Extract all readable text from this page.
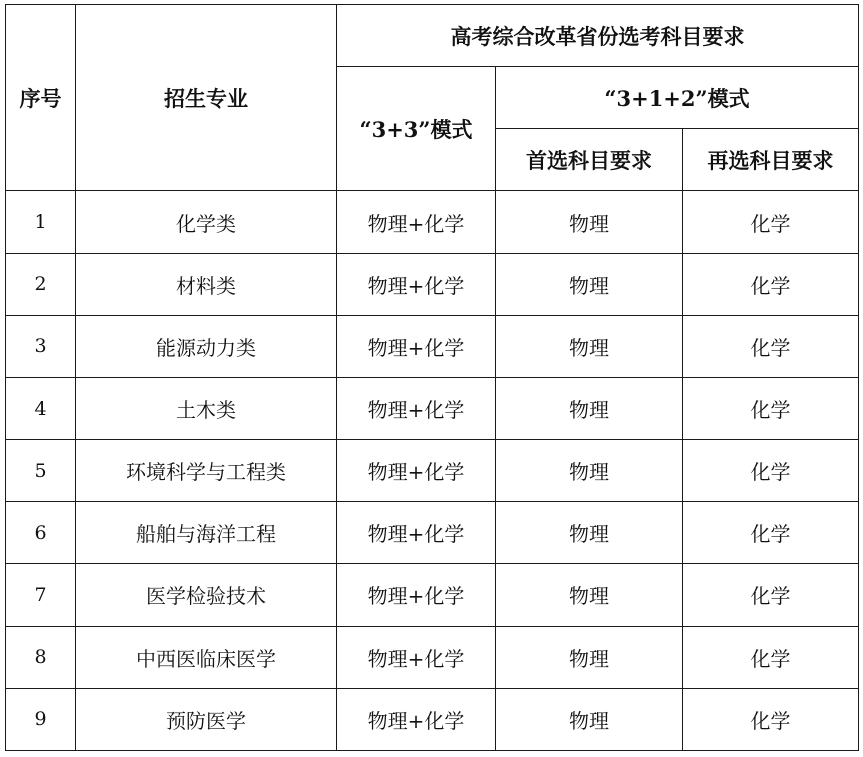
序号	招生专业	高考综合改革省份选考科目要求		
		“3+3”模式	“3+1+2”模式	
			首选科目要求	再选科目要求
1	化学类	物理+化学	物理	化学
2	材料类	物理+化学	物理	化学
3	能源动力类	物理+化学	物理	化学
4	土木类	物理+化学	物理	化学
5	环境科学与工程类	物理+化学	物理	化学
6	船舶与海洋工程	物理+化学	物理	化学
7	医学检验技术	物理+化学	物理	化学
8	中西医临床医学	物理+化学	物理	化学
9	预防医学	物理+化学	物理	化学
